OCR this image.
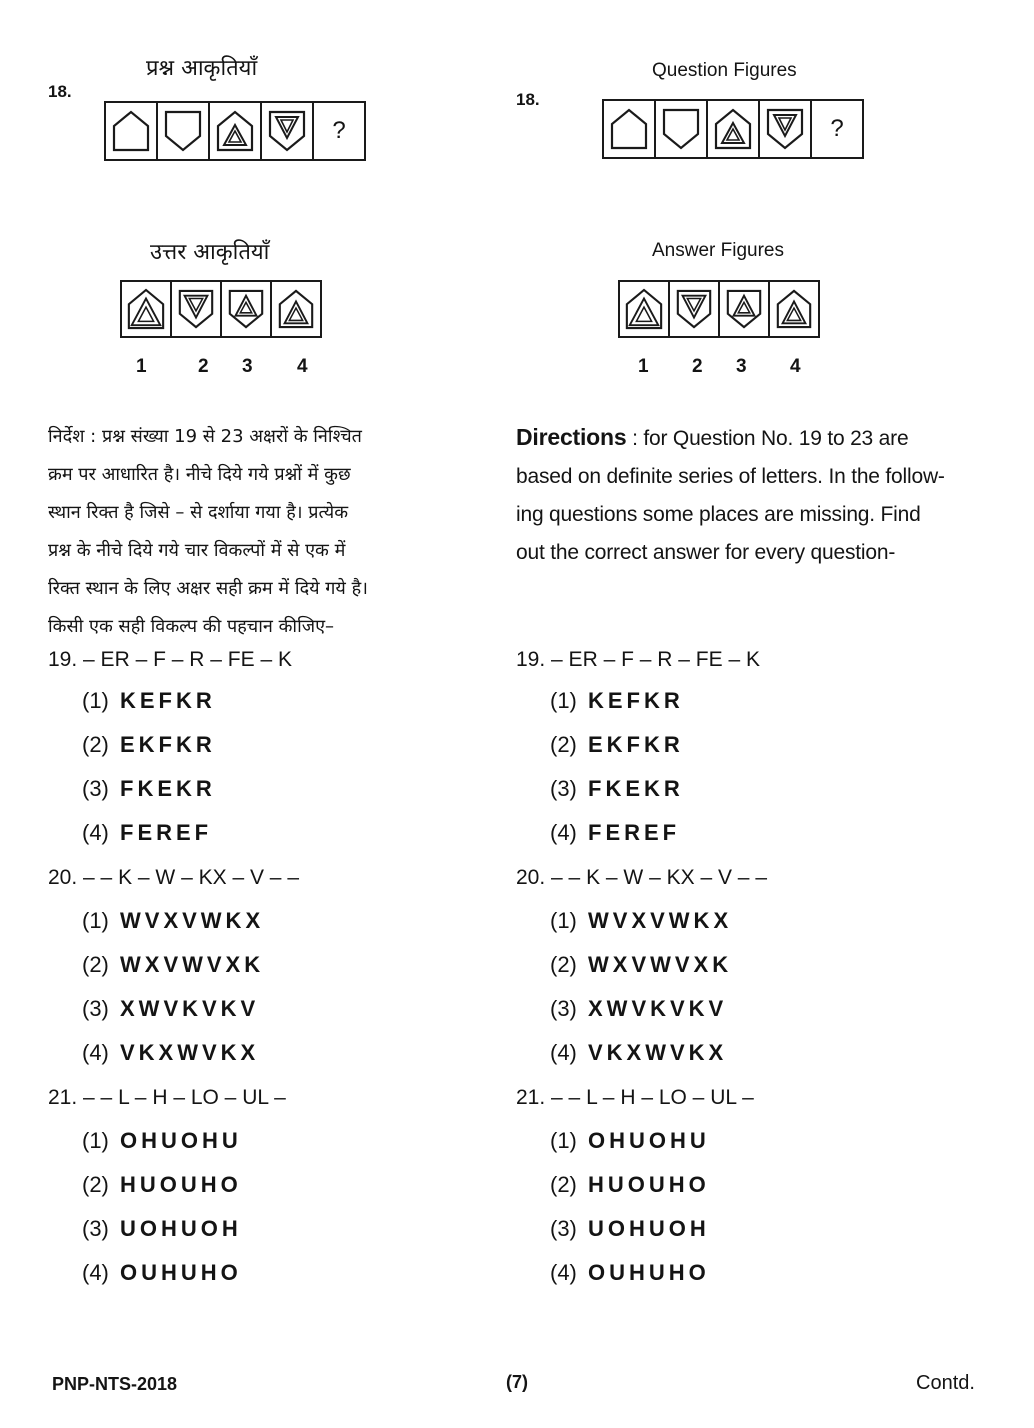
18.
प्रश्न आकृतियाँ
?
उत्तर आकृतियाँ
1	2 3 4
18.
Question Figures
?
Answer Figures
1 2 3 4
निर्देश : प्रश्न संख्या 19 से 23 अक्षरों के निश्चित
क्रम पर आधारित है। नीचे दिये गये प्रश्नों में कुछ
स्थान रिक्त है जिसे – से दर्शाया गया है। प्रत्येक
प्रश्न के नीचे दिये गये चार विकल्पों में से एक में
रिक्त स्थान के लिए अक्षर सही क्रम में दिये गये है।
किसी एक सही विकल्प की पहचान कीजिए–
Directions : for Question No. 19 to 23 are
based on definite series of letters. In the follow-
ing questions some places are missing. Find
out the correct answer for every question-
19. – ER – F – R – FE – K
(1) KEFKR
(2) EKFKR
(3) FKEKR
(4) FEREF
20. – – K – W – KX – V – –
(1) WVXVWKX
(2) WXVWVXK
(3) XWVKVKV
(4) VKXWVKX
21. – – L – H – LO – UL –
(1) OHUOHU
(2) HUOUHO
(3) UOHUOH
(4) OUHUHO
19. – ER – F – R – FE – K
(1) KEFKR
(2) EKFKR
(3) FKEKR
(4) FEREF
20. – – K – W – KX – V – –
(1) WVXVWKX
(2) WXVWVXK
(3) XWVKVKV
(4) VKXWVKX
21. – – L – H – LO – UL –
(1) OHUOHU
(2) HUOUHO
(3) UOHUOH
(4) OUHUHO
PNP-NTS-2018	(7)	Contd.
